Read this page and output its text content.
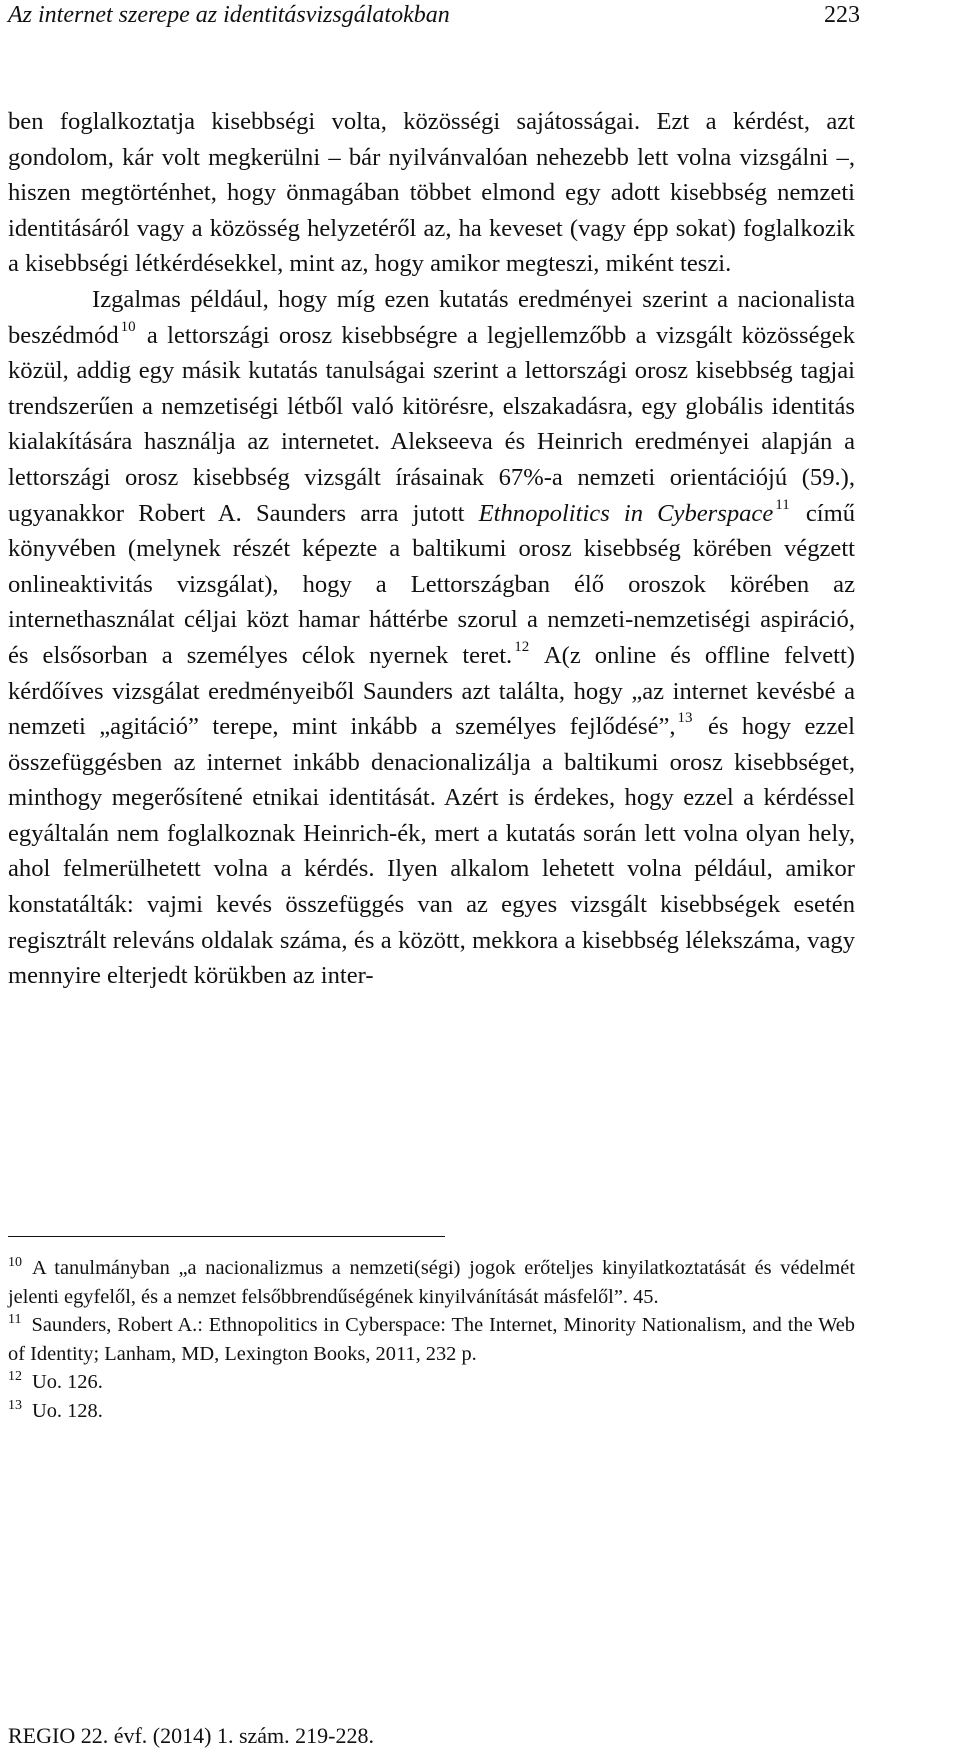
Az internet szerepe az identitásvizsgálatokban	223

ben foglalkoztatja kisebbségi volta, közösségi sajátosságai. Ezt a kérdést, azt gondolom, kár volt megkerülni – bár nyilvánvalóan nehezebb lett volna vizsgálni –, hiszen megtörténhet, hogy önmagában többet elmond egy adott kisebbség nemzeti identitásáról vagy a közösség helyzetéről az, ha keveset (vagy épp sokat) foglalkozik a kisebbségi létkérdésekkel, mint az, hogy amikor megteszi, miként teszi.

Izgalmas például, hogy míg ezen kutatás eredményei szerint a nacionalista beszédmód $^{10}$ a lettországi orosz kisebbségre a legjellemzőbb a vizsgált közösségek közül, addig egy másik kutatás tanulságai szerint a lettországi orosz kisebbség tagjai trendszerűen a nemzetiségi létből való kitörésre, elszakadásra, egy globális identitás kialakítására használja az internetet. Alekseeva és Heinrich eredményei alapján a lettországi orosz kisebbség vizsgált írásainak 67%-a nemzeti orientációjú (59.), ugyanakkor Robert A. Saunders arra jutott Ethnopolitics in Cyberspace $^{11}$ című könyvében (melynek részét képezte a baltikumi orosz kisebbség körében végzett onlineaktivitás vizsgálat), hogy a Lettországban élő oroszok körében az internethasználat céljai közt hamar háttérbe szorul a nemzeti-nemzetiségi aspiráció, és elsősorban a személyes célok nyernek teret. $^{12}$ A(z online és offline felvett) kérdőíves vizsgálat eredményeiből Saunders azt találta, hogy „az internet kevésbé a nemzeti „agitáció” terepe, mint inkább a személyes fejlődésé”, $^{13}$ és hogy ezzel összefüggésben az internet inkább denacionalizálja a baltikumi orosz kisebbséget, minthogy megerősítené etnikai identitását. Azért is érdekes, hogy ezzel a kérdéssel egyáltalán nem foglalkoznak Heinrich-ék, mert a kutatás során lett volna olyan hely, ahol felmerülhetett volna a kérdés. Ilyen alkalom lehetett volna például, amikor konstatálták: vajmi kevés összefüggés van az egyes vizsgált kisebbségek esetén regisztrált releváns oldalak száma, és a között, mekkora a kisebbség lélekszáma, vagy mennyire elterjedt körükben az inter-

$^{10}$ A tanulmányban „a nacionalizmus a nemzeti(ségi) jogok erőteljes kinyilatkoztatását és védelmét jelenti egyfelől, és a nemzet felsőbbrendűségének kinyilvánítását másfelől”. 45.

$^{11}$ Saunders, Robert A.: Ethnopolitics in Cyberspace: The Internet, Minority Nationalism, and the Web of Identity; Lanham, MD, Lexington Books, 2011, 232 p.

$^{12}$ Uo. 126.

$^{13}$ Uo. 128.

REGIO 22. évf. (2014) 1. szám. 219-228.
